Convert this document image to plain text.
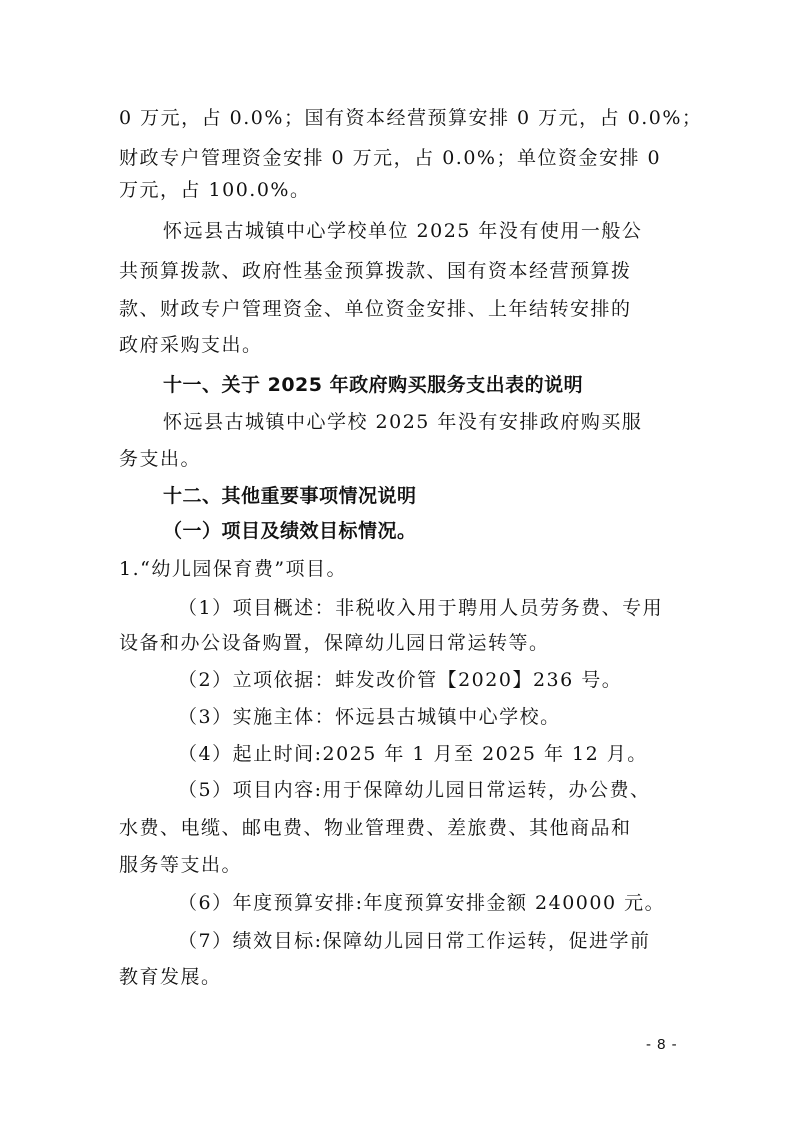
0 万元，占 0.0%；国有资本经营预算安排 0 万元，占 0.0%；
财政专户管理资金安排 0 万元，占 0.0%；单位资金安排 0
万元，占 100.0%。
怀远县古城镇中心学校单位 2025 年没有使用一般公
共预算拨款、政府性基金预算拨款、国有资本经营预算拨
款、财政专户管理资金、单位资金安排、上年结转安排的
政府采购支出。
十一、关于 2025 年政府购买服务支出表的说明
怀远县古城镇中心学校 2025 年没有安排政府购买服
务支出。
十二、其他重要事项情况说明
（一）项目及绩效目标情况。
1.“幼儿园保育费”项目。
（1）项目概述：非税收入用于聘用人员劳务费、专用
设备和办公设备购置，保障幼儿园日常运转等。
（2）立项依据：蚌发改价管【2020】236 号。
（3）实施主体：怀远县古城镇中心学校。
（4）起止时间:2025 年 1 月至 2025 年 12 月。
（5）项目内容:用于保障幼儿园日常运转，办公费、
水费、电缆、邮电费、物业管理费、差旅费、其他商品和
服务等支出。
（6）年度预算安排:年度预算安排金额 240000 元。
（7）绩效目标:保障幼儿园日常工作运转，促进学前
教育发展。
- 8 -
